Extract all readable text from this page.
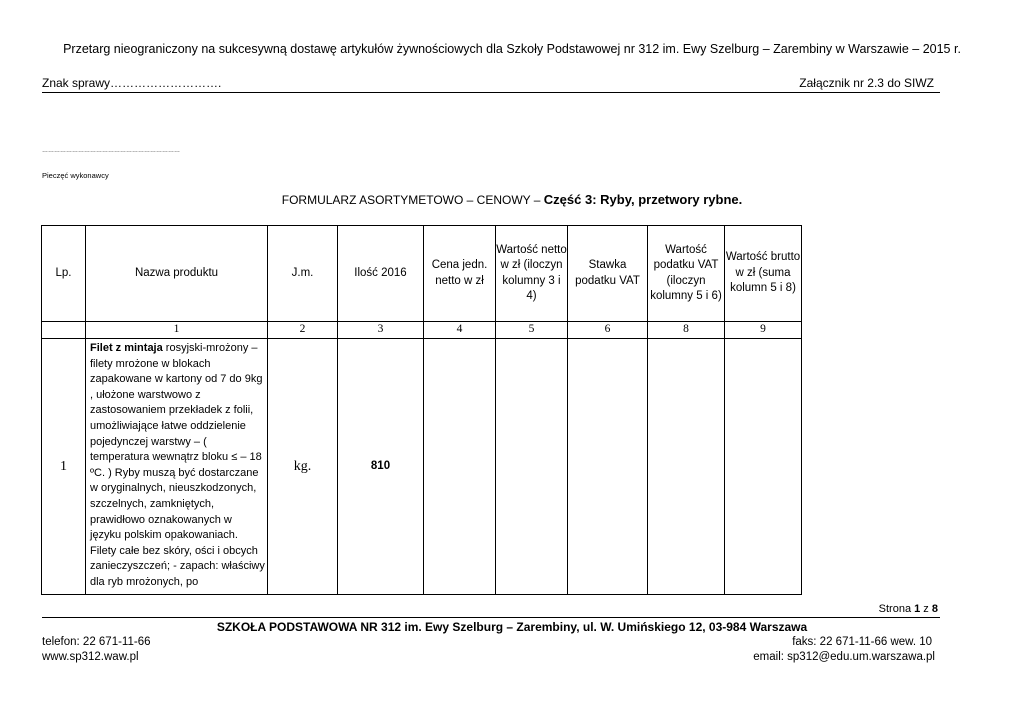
Przetarg nieograniczony na sukcesywną dostawę artykułów żywnościowych dla Szkoły Podstawowej nr 312 im. Ewy Szelburg – Zarembiny w Warszawie – 2015 r.
Znak sprawy……………………….	Załącznik nr 2.3 do SIWZ
……………………………………………………………
Pieczęć wykonawcy
FORMULARZ ASORTYMETOWO – CENOWY – Część 3: Ryby, przetwory rybne.
Lp.	Nazwa produktu	J.m.	Ilość 2016	Cena jedn. netto w zł	Wartość netto w zł (iloczyn kolumny 3 i 4)	Stawka podatku VAT	Wartość podatku VAT (iloczyn kolumny 5 i 6)	Wartość brutto w zł (suma kolumn 5 i 8)
	1	2	3	4	5	6	8	9
1	Filet z mintaja rosyjski-mrożony – filety mrożone w blokach zapakowane w kartony od 7 do 9kg , ułożone warstwowo z zastosowaniem przekładek z folii, umożliwiające łatwe oddzielenie pojedynczej warstwy – ( temperatura wewnątrz bloku ≤ – 18 ºC. ) Ryby muszą być dostarczane w oryginalnych, nieuszkodzonych, szczelnych, zamkniętych, prawidłowo oznakowanych w języku polskim opakowaniach. Filety całe bez skóry, ości i obcych zanieczyszczeń; - zapach: właściwy dla ryb mrożonych, po	kg.	810					
Strona 1 z 8
SZKOŁA PODSTAWOWA NR 312 im. Ewy Szelburg – Zarembiny, ul. W. Umińskiego 12, 03-984 Warszawa
telefon: 22 671-11-66
www.sp312.waw.pl
faks: 22 671-11-66 wew. 10
email: sp312@edu.um.warszawa.pl
